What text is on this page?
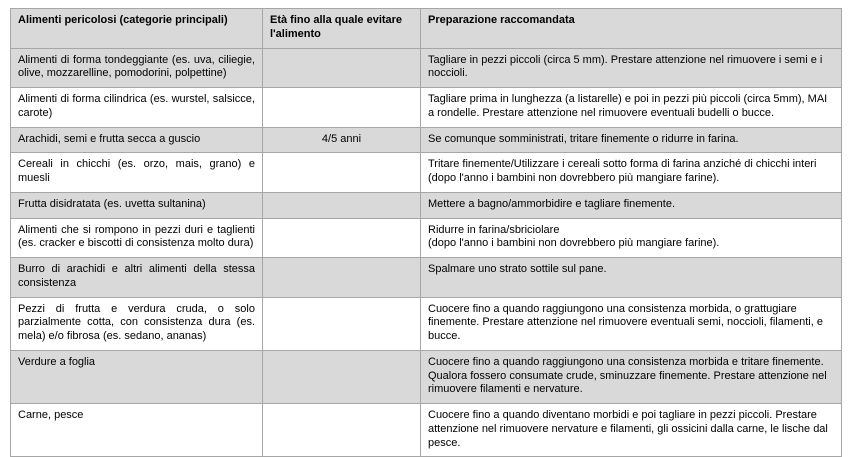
Alimenti pericolosi (categorie principali)	Età fino alla quale evitare l'alimento	Preparazione raccomandata
Alimenti di forma tondeggiante (es. uva, ciliegie, olive, mozzarelline, pomodorini, polpettine)		Tagliare in pezzi piccoli (circa 5 mm). Prestare attenzione nel rimuovere i semi e i noccioli.
Alimenti di forma cilindrica (es. wurstel, salsicce, carote)		Tagliare prima in lunghezza (a listarelle) e poi in pezzi più piccoli (circa 5mm), MAI a rondelle. Prestare attenzione nel rimuovere eventuali budelli o bucce.
Arachidi, semi e frutta secca a guscio	4/5 anni	Se comunque somministrati, tritare finemente o ridurre in farina.
Cereali in chicchi (es. orzo, mais, grano) e muesli		Tritare finemente/Utilizzare i cereali sotto forma di farina anziché di chicchi interi (dopo l'anno i bambini non dovrebbero più mangiare farine).
Frutta disidratata (es. uvetta sultanina)		Mettere a bagno/ammorbidire e tagliare finemente.
Alimenti che si rompono in pezzi duri e taglienti (es. cracker e biscotti di consistenza molto dura)		Ridurre in farina/sbriciolare
(dopo l'anno i bambini non dovrebbero più mangiare farine).
Burro di arachidi e altri alimenti della stessa consistenza		Spalmare uno strato sottile sul pane.
Pezzi di frutta e verdura cruda, o solo parzialmente cotta, con consistenza dura (es. mela) e/o fibrosa (es. sedano, ananas)		Cuocere fino a quando raggiungono una consistenza morbida, o grattugiare finemente. Prestare attenzione nel rimuovere eventuali semi, noccioli, filamenti, e bucce.
Verdure a foglia		Cuocere fino a quando raggiungono una consistenza morbida e tritare finemente. Qualora fossero consumate crude, sminuzzare finemente. Prestare attenzione nel rimuovere filamenti e nervature.
Carne, pesce		Cuocere fino a quando diventano morbidi e poi tagliare in pezzi piccoli. Prestare attenzione nel rimuovere nervature e filamenti, gli ossicini dalla carne, le lische dal pesce.
